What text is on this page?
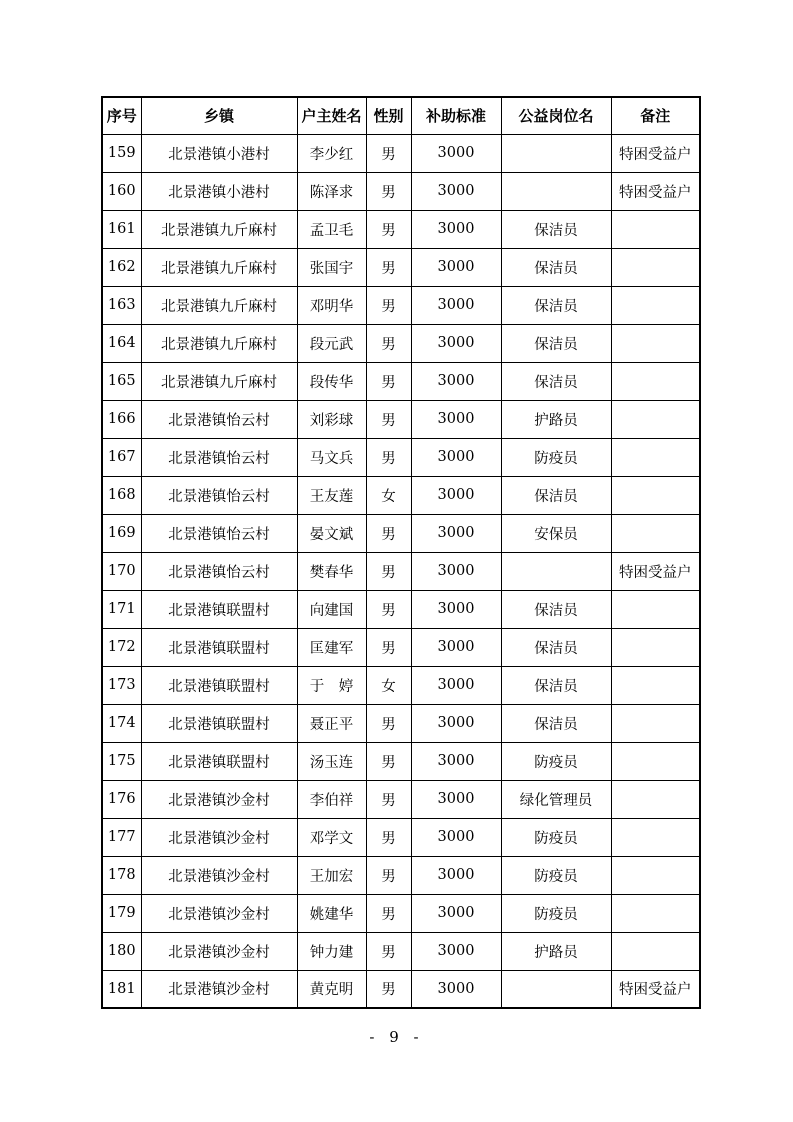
序号	乡镇	户主姓名	性别	补助标准	公益岗位名	备注
159	北景港镇小港村	李少红	男	3000		特困受益户
160	北景港镇小港村	陈泽求	男	3000		特困受益户
161	北景港镇九斤麻村	孟卫毛	男	3000	保洁员	
162	北景港镇九斤麻村	张国宇	男	3000	保洁员	
163	北景港镇九斤麻村	邓明华	男	3000	保洁员	
164	北景港镇九斤麻村	段元武	男	3000	保洁员	
165	北景港镇九斤麻村	段传华	男	3000	保洁员	
166	北景港镇怡云村	刘彩球	男	3000	护路员	
167	北景港镇怡云村	马文兵	男	3000	防疫员	
168	北景港镇怡云村	王友莲	女	3000	保洁员	
169	北景港镇怡云村	晏文斌	男	3000	安保员	
170	北景港镇怡云村	樊春华	男	3000		特困受益户
171	北景港镇联盟村	向建国	男	3000	保洁员	
172	北景港镇联盟村	匡建军	男	3000	保洁员	
173	北景港镇联盟村	于　婷	女	3000	保洁员	
174	北景港镇联盟村	聂正平	男	3000	保洁员	
175	北景港镇联盟村	汤玉连	男	3000	防疫员	
176	北景港镇沙金村	李伯祥	男	3000	绿化管理员	
177	北景港镇沙金村	邓学文	男	3000	防疫员	
178	北景港镇沙金村	王加宏	男	3000	防疫员	
179	北景港镇沙金村	姚建华	男	3000	防疫员	
180	北景港镇沙金村	钟力建	男	3000	护路员	
181	北景港镇沙金村	黄克明	男	3000		特困受益户
- 9 -
